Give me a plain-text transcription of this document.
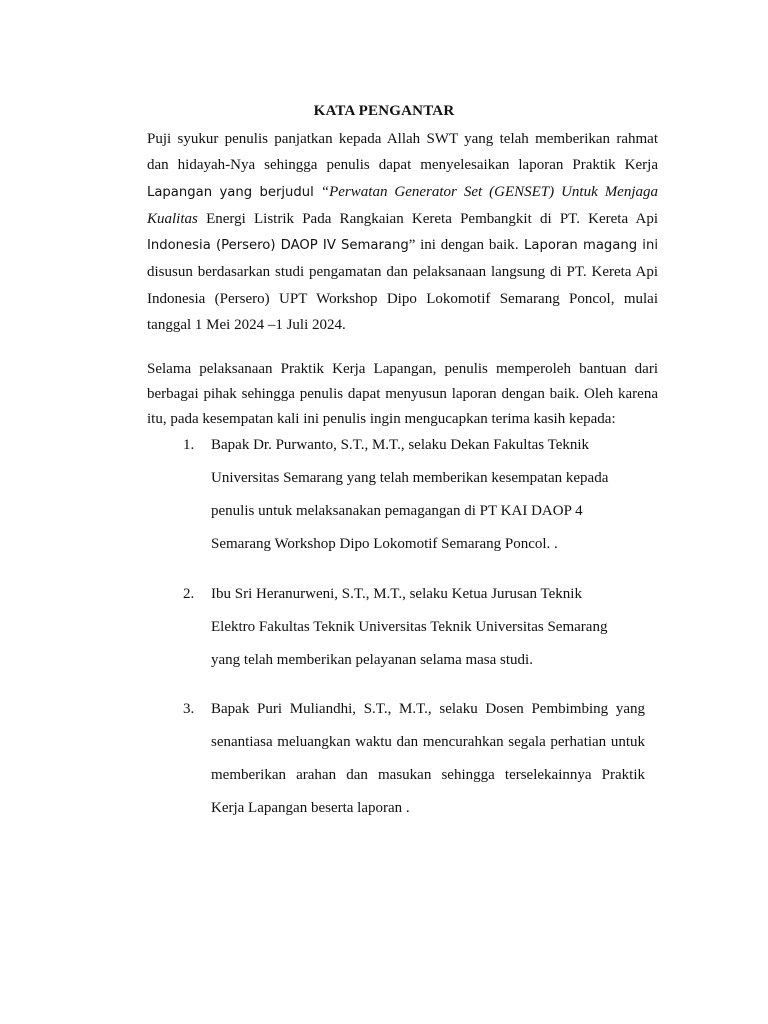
KATA PENGANTAR
Puji syukur penulis panjatkan kepada Allah SWT yang telah memberikan rahmat
dan hidayah-Nya sehingga penulis dapat menyelesaikan laporan Praktik Kerja
Lapangan yang berjudul “Perwatan Generator Set (GENSET) Untuk Menjaga
Kualitas Energi Listrik Pada Rangkaian Kereta Pembangkit di PT. Kereta Api
Indonesia (Persero) DAOP IV Semarang” ini dengan baik. Laporan magang ini
disusun berdasarkan studi pengamatan dan pelaksanaan langsung di PT. Kereta Api
Indonesia (Persero) UPT Workshop Dipo Lokomotif Semarang Poncol, mulai
tanggal 1 Mei 2024 –1 Juli 2024.
Selama pelaksanaan Praktik Kerja Lapangan, penulis memperoleh bantuan dari
berbagai pihak sehingga penulis dapat menyusun laporan dengan baik. Oleh karena
itu, pada kesempatan kali ini penulis ingin mengucapkan terima kasih kepada:
1.	Bapak Dr. Purwanto, S.T., M.T., selaku Dekan Fakultas Teknik
Universitas Semarang yang telah memberikan kesempatan kepada
penulis untuk melaksanakan pemagangan di PT KAI DAOP 4
Semarang Workshop Dipo Lokomotif Semarang Poncol. .
2.	Ibu Sri Heranurweni, S.T., M.T., selaku Ketua Jurusan Teknik
Elektro Fakultas Teknik Universitas Teknik Universitas Semarang
yang telah memberikan pelayanan selama masa studi.
3.	Bapak Puri Muliandhi, S.T., M.T., selaku Dosen Pembimbing yang
senantiasa meluangkan waktu dan mencurahkan segala perhatian untuk
memberikan arahan dan masukan sehingga terselekainnya Praktik
Kerja Lapangan beserta laporan .
